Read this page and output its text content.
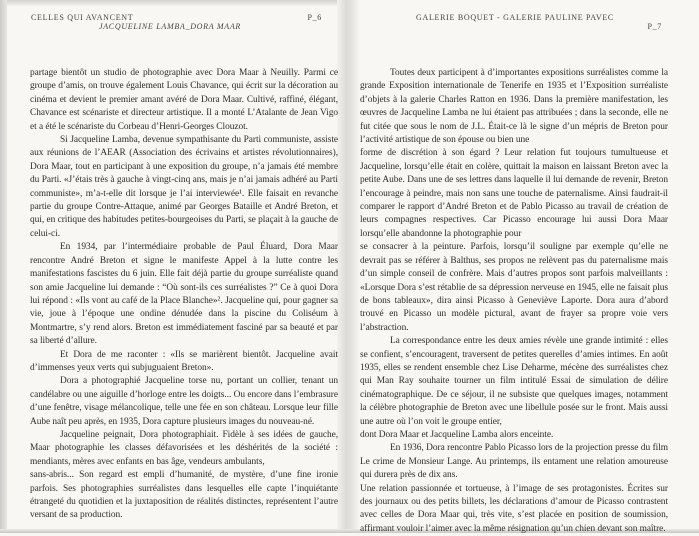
CELLES QUI AVANCENT
JACQUELINE LAMBA_DORA MAAR
P_6

partage bientôt un studio de photographie avec Dora Maar à Neuilly. Parmi ce groupe d’amis, on trouve également Louis Chavance, qui écrit sur la décoration au cinéma et devient le premier amant avéré de Dora Maar. Cultivé, raffiné, élégant, Chavance est scénariste et directeur artistique. Il a monté L’Atalante de Jean Vigo et a été le scénariste du Corbeau d’Henri-Georges Clouzot.

Si Jacqueline Lamba, devenue sympathisante du Parti communiste, assiste aux réunions de l’AEAR (Association des écrivains et artistes révolutionnaires), Dora Maar, tout en participant à une exposition du groupe, n’a jamais été membre du Parti. «J’étais très à gauche à vingt-cinq ans, mais je n’ai jamais adhéré au Parti communiste», m’a-t-elle dit lorsque je l’ai interviewée¹. Elle faisait en revanche partie du groupe Contre-Attaque, animé par Georges Bataille et André Breton, et qui, en critique des habitudes petites-bourgeoises du Parti, se plaçait à la gauche de celui-ci.

En 1934, par l’intermédiaire probable de Paul Éluard, Dora Maar rencontre André Breton et signe le manifeste Appel à la lutte contre les manifestations fascistes du 6 juin. Elle fait déjà partie du groupe surréaliste quand son amie Jacqueline lui demande : “Où sont-ils ces surréalistes ?” Ce à quoi Dora lui répond : «Ils vont au café de la Place Blanche»². Jacqueline qui, pour gagner sa vie, joue à l’époque une ondine dénudée dans la piscine du Coliséum à Montmartre, s’y rend alors. Breton est immédiatement fasciné par sa beauté et par sa liberté d’allure.

Et Dora de me raconter : «Ils se marièrent bientôt. Jacqueline avait d’immenses yeux verts qui subjuguaient Breton».

Dora a photographié Jacqueline torse nu, portant un collier, tenant un candélabre ou une aiguille d’horloge entre les doigts... Ou encore dans l’embrasure d’une fenêtre, visage mélancolique, telle une fée en son château. Lorsque leur fille Aube naît peu après, en 1935, Dora capture plusieurs images du nouveau-né.

Jacqueline peignait, Dora photographiait. Fidèle à ses idées de gauche, Maar photographie les classes défavorisées et les déshérités de la société : mendiants, mères avec enfants en bas âge, vendeurs ambulants,

sans-abris... Son regard est empli d’humanité, de mystère, d’une fine ironie parfois. Ses photographies surréalistes dans lesquelles elle capte l’inquiétante étrangeté du quotidien et la juxtaposition de réalités distinctes, représentent l’autre versant de sa production.

GALERIE BOQUET - GALERIE PAULINE PAVEC
P_7

Toutes deux participent à d’importantes expositions surréalistes comme la grande Exposition internationale de Tenerife en 1935 et l’Exposition surréaliste d’objets à la galerie Charles Ratton en 1936. Dans la première manifestation, les œuvres de Jacqueline Lamba ne lui étaient pas attribuées ; dans la seconde, elle ne fut citée que sous le nom de J.L. Était-ce là le signe d’un mépris de Breton pour l’activité artistique de son épouse ou bien une

forme de discrétion à son égard ? Leur relation fut toujours tumultueuse et Jacqueline, lorsqu’elle était en colère, quittait la maison en laissant Breton avec la petite Aube. Dans une de ses lettres dans laquelle il lui demande de revenir, Breton l’encourage à peindre, mais non sans une touche de paternalisme. Ainsi faudrait-il comparer le rapport d’André Breton et de Pablo Picasso au travail de création de leurs compagnes respectives. Car Picasso encourage lui aussi Dora Maar lorsqu’elle abandonne la photographie pour

se consacrer à la peinture. Parfois, lorsqu’il souligne par exemple qu’elle ne devrait pas se référer à Balthus, ses propos ne relèvent pas du paternalisme mais d’un simple conseil de confrère. Mais d’autres propos sont parfois malveillants : «Lorsque Dora s’est rétablie de sa dépression nerveuse en 1945, elle ne faisait plus de bons tableaux», dira ainsi Picasso à Geneviève Laporte. Dora aura d’abord trouvé en Picasso un modèle pictural, avant de frayer sa propre voie vers l’abstraction.

La correspondance entre les deux amies révèle une grande intimité : elles se confient, s’encouragent, traversent de petites querelles d’amies intimes. En août 1935, elles se rendent ensemble chez Lise Deharme, mécène des surréalistes chez qui Man Ray souhaite tourner un film intitulé Essai de simulation de délire cinématographique. De ce séjour, il ne subsiste que quelques images, notamment la célèbre photographie de Breton avec une libellule posée sur le front. Mais aussi une autre où l’on voit le groupe entier,

dont Dora Maar et Jacqueline Lamba alors enceinte.

En 1936, Dora rencontre Pablo Picasso lors de la projection presse du film Le crime de Monsieur Lange. Au printemps, ils entament une relation amoureuse qui durera près de dix ans.

Une relation passionnée et tortueuse, à l’image de ses protagonistes. Écrites sur des journaux ou des petits billets, les déclarations d’amour de Picasso contrastent avec celles de Dora Maar qui, très vite, s’est placée en position de soumission, affirmant vouloir l’aimer avec la même résignation qu’un chien devant son maître.
